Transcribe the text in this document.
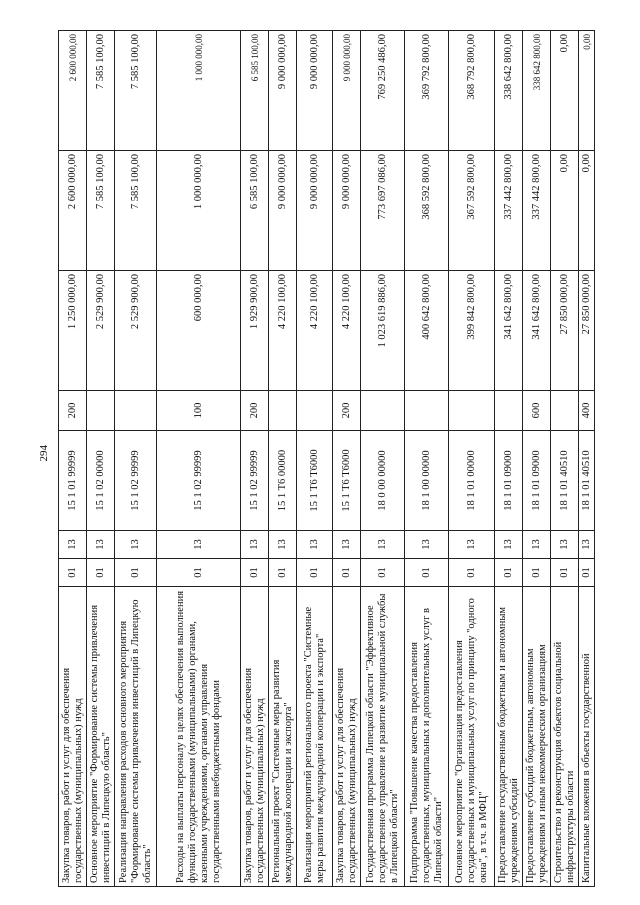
294
Закупка товаров, работ и услуг для обеспечения государственных (муниципальных) нужд	01	13	15 1 01 99999	200	1 250 000,00	2 600 000,00	2 600 000,00
Основное мероприятие "Формирование системы привлечения инвестиций в Липецкую область"	01	13	15 1 02 00000		2 529 900,00	7 585 100,00	7 585 100,00
Реализация направления расходов основного мероприятия "Формирование системы привлечения инвестиций в Липецкую область"	01	13	15 1 02 99999		2 529 900,00	7 585 100,00	7 585 100,00
Расходы на выплаты персоналу в целях обеспечения выполнения функций государственными (муниципальными) органами, казенными учреждениями, органами управления государственными внебюджетными фондами	01	13	15 1 02 99999	100	600 000,00	1 000 000,00	1 000 000,00
Закупка товаров, работ и услуг для обеспечения государственных (муниципальных) нужд	01	13	15 1 02 99999	200	1 929 900,00	6 585 100,00	6 585 100,00
Региональный проект "Системные меры развития международной кооперации и экспорта"	01	13	15 1 T6 00000		4 220 100,00	9 000 000,00	9 000 000,00
Реализация мероприятий регионального проекта "Системные меры развития международной кооперации и экспорта"	01	13	15 1 T6 T6000		4 220 100,00	9 000 000,00	9 000 000,00
Закупка товаров, работ и услуг для обеспечения государственных (муниципальных) нужд	01	13	15 1 T6 T6000	200	4 220 100,00	9 000 000,00	9 000 000,00
Государственная программа Липецкой области "Эффективное государственное управление и развитие муниципальной службы в Липецкой области"	01	13	18 0 00 00000		1 023 619 886,00	773 697 086,00	769 250 486,00
Подпрограмма "Повышение качества предоставления государственных, муниципальных и дополнительных услуг в Липецкой области"	01	13	18 1 00 00000		400 642 800,00	368 592 800,00	369 792 800,00
Основное мероприятие "Организация предоставления государственных и муниципальных услуг по принципу "одного окна", в т.ч. в МФЦ"	01	13	18 1 01 00000		399 842 800,00	367 592 800,00	368 792 800,00
Предоставление государственным бюджетным и автономным учреждениям субсидий	01	13	18 1 01 09000		341 642 800,00	337 442 800,00	338 642 800,00
Предоставление субсидий бюджетным, автономным учреждениям и иным некоммерческим организациям	01	13	18 1 01 09000	600	341 642 800,00	337 442 800,00	338 642 800,00
Строительство и реконструкция объектов социальной инфраструктуры области	01	13	18 1 01 40510		27 850 000,00	0,00	0,00
Капитальные вложения в объекты государственной	01	13	18 1 01 40510	400	27 850 000,00	0,00	0,00
